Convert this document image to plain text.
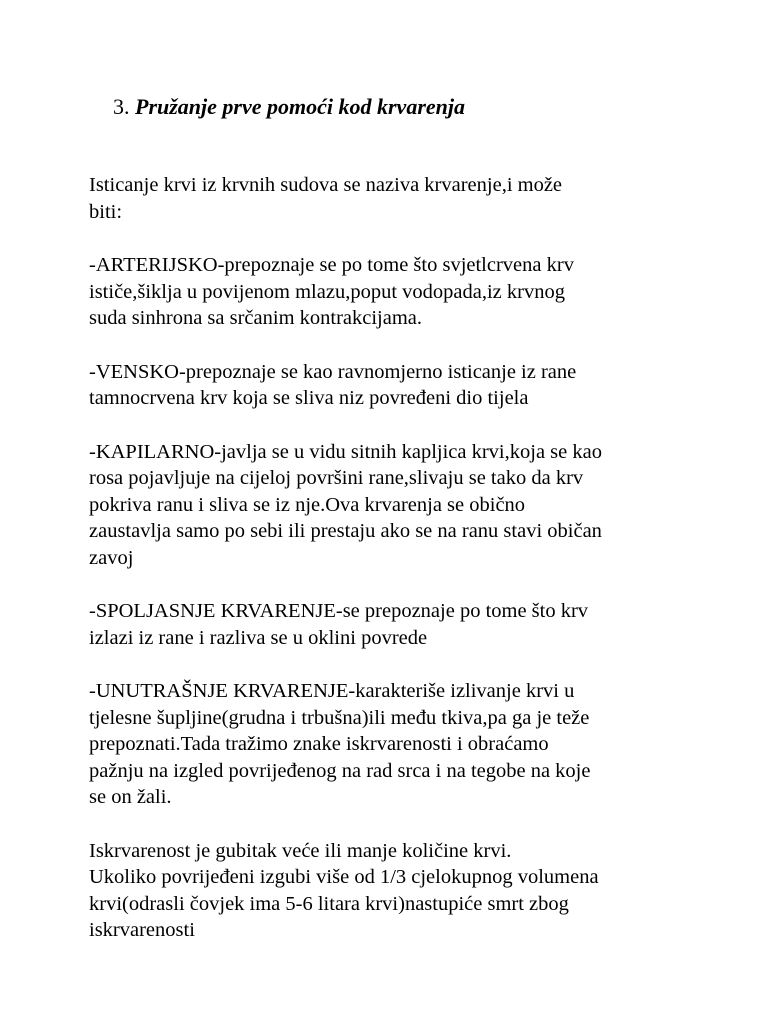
3. Pružanje prve pomoći kod krvarenja
Isticanje krvi iz krvnih sudova se naziva krvarenje,i može
biti:
-ARTERIJSKO-prepoznaje se po tome što svjetlcrvena krv
ističe,šiklja u povijenom mlazu,poput vodopada,iz krvnog
suda sinhrona sa srčanim kontrakcijama.
-VENSKO-prepoznaje se kao ravnomjerno isticanje iz rane
tamnocrvena krv koja se sliva niz povređeni dio tijela
-KAPILARNO-javlja se u vidu sitnih kapljica krvi,koja se kao
rosa pojavljuje na cijeloj površini rane,slivaju se tako da krv
pokriva ranu i sliva se iz nje.Ova krvarenja se obično
zaustavlja samo po sebi ili prestaju ako se na ranu stavi običan
zavoj
-SPOLJASNJE KRVARENJE-se prepoznaje po tome što krv
izlazi iz rane i razliva se u oklini povrede
-UNUTRAŠNJE KRVARENJE-karakteriše izlivanje krvi u
tjelesne šupljine(grudna i trbušna)ili među tkiva,pa ga je teže
prepoznati.Tada tražimo znake iskrvarenosti i obraćamo
pažnju na izgled povrijeđenog na rad srca i na tegobe na koje
se on žali.
Iskrvarenost je gubitak veće ili manje količine krvi.
Ukoliko povrijeđeni izgubi više od 1/3 cjelokupnog volumena
krvi(odrasli čovjek ima 5-6 litara krvi)nastupiće smrt zbog
iskrvarenosti
